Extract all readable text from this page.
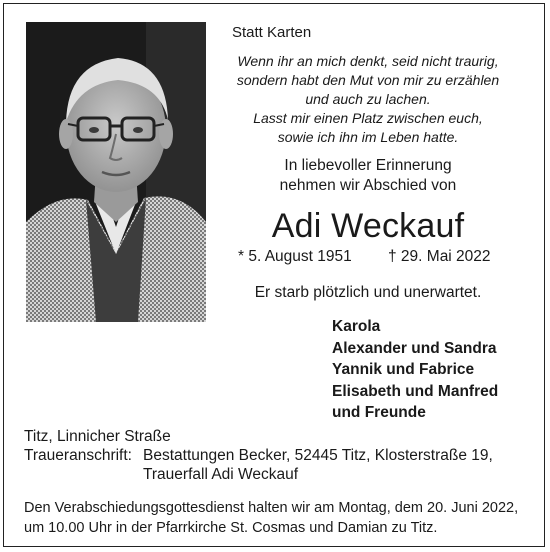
Statt Karten
Wenn ihr an mich denkt, seid nicht traurig,
sondern habt den Mut von mir zu erzählen
und auch zu lachen.
Lasst mir einen Platz zwischen euch,
sowie ich ihn im Leben hatte.
In liebevoller Erinnerung
nehmen wir Abschied von
Adi Weckauf
* 5. August 1951 † 29. Mai 2022
Er starb plötzlich und unerwartet.
Karola
Alexander und Sandra
Yannik und Fabrice
Elisabeth und Manfred
und Freunde
Titz, Linnicher Straße
Traueranschrift: Bestattungen Becker, 52445 Titz, Klosterstraße 19,
Trauerfall Adi Weckauf
Den Verabschiedungsgottesdienst halten wir am Montag, dem 20. Juni 2022,
um 10.00 Uhr in der Pfarrkirche St. Cosmas und Damian zu Titz.
